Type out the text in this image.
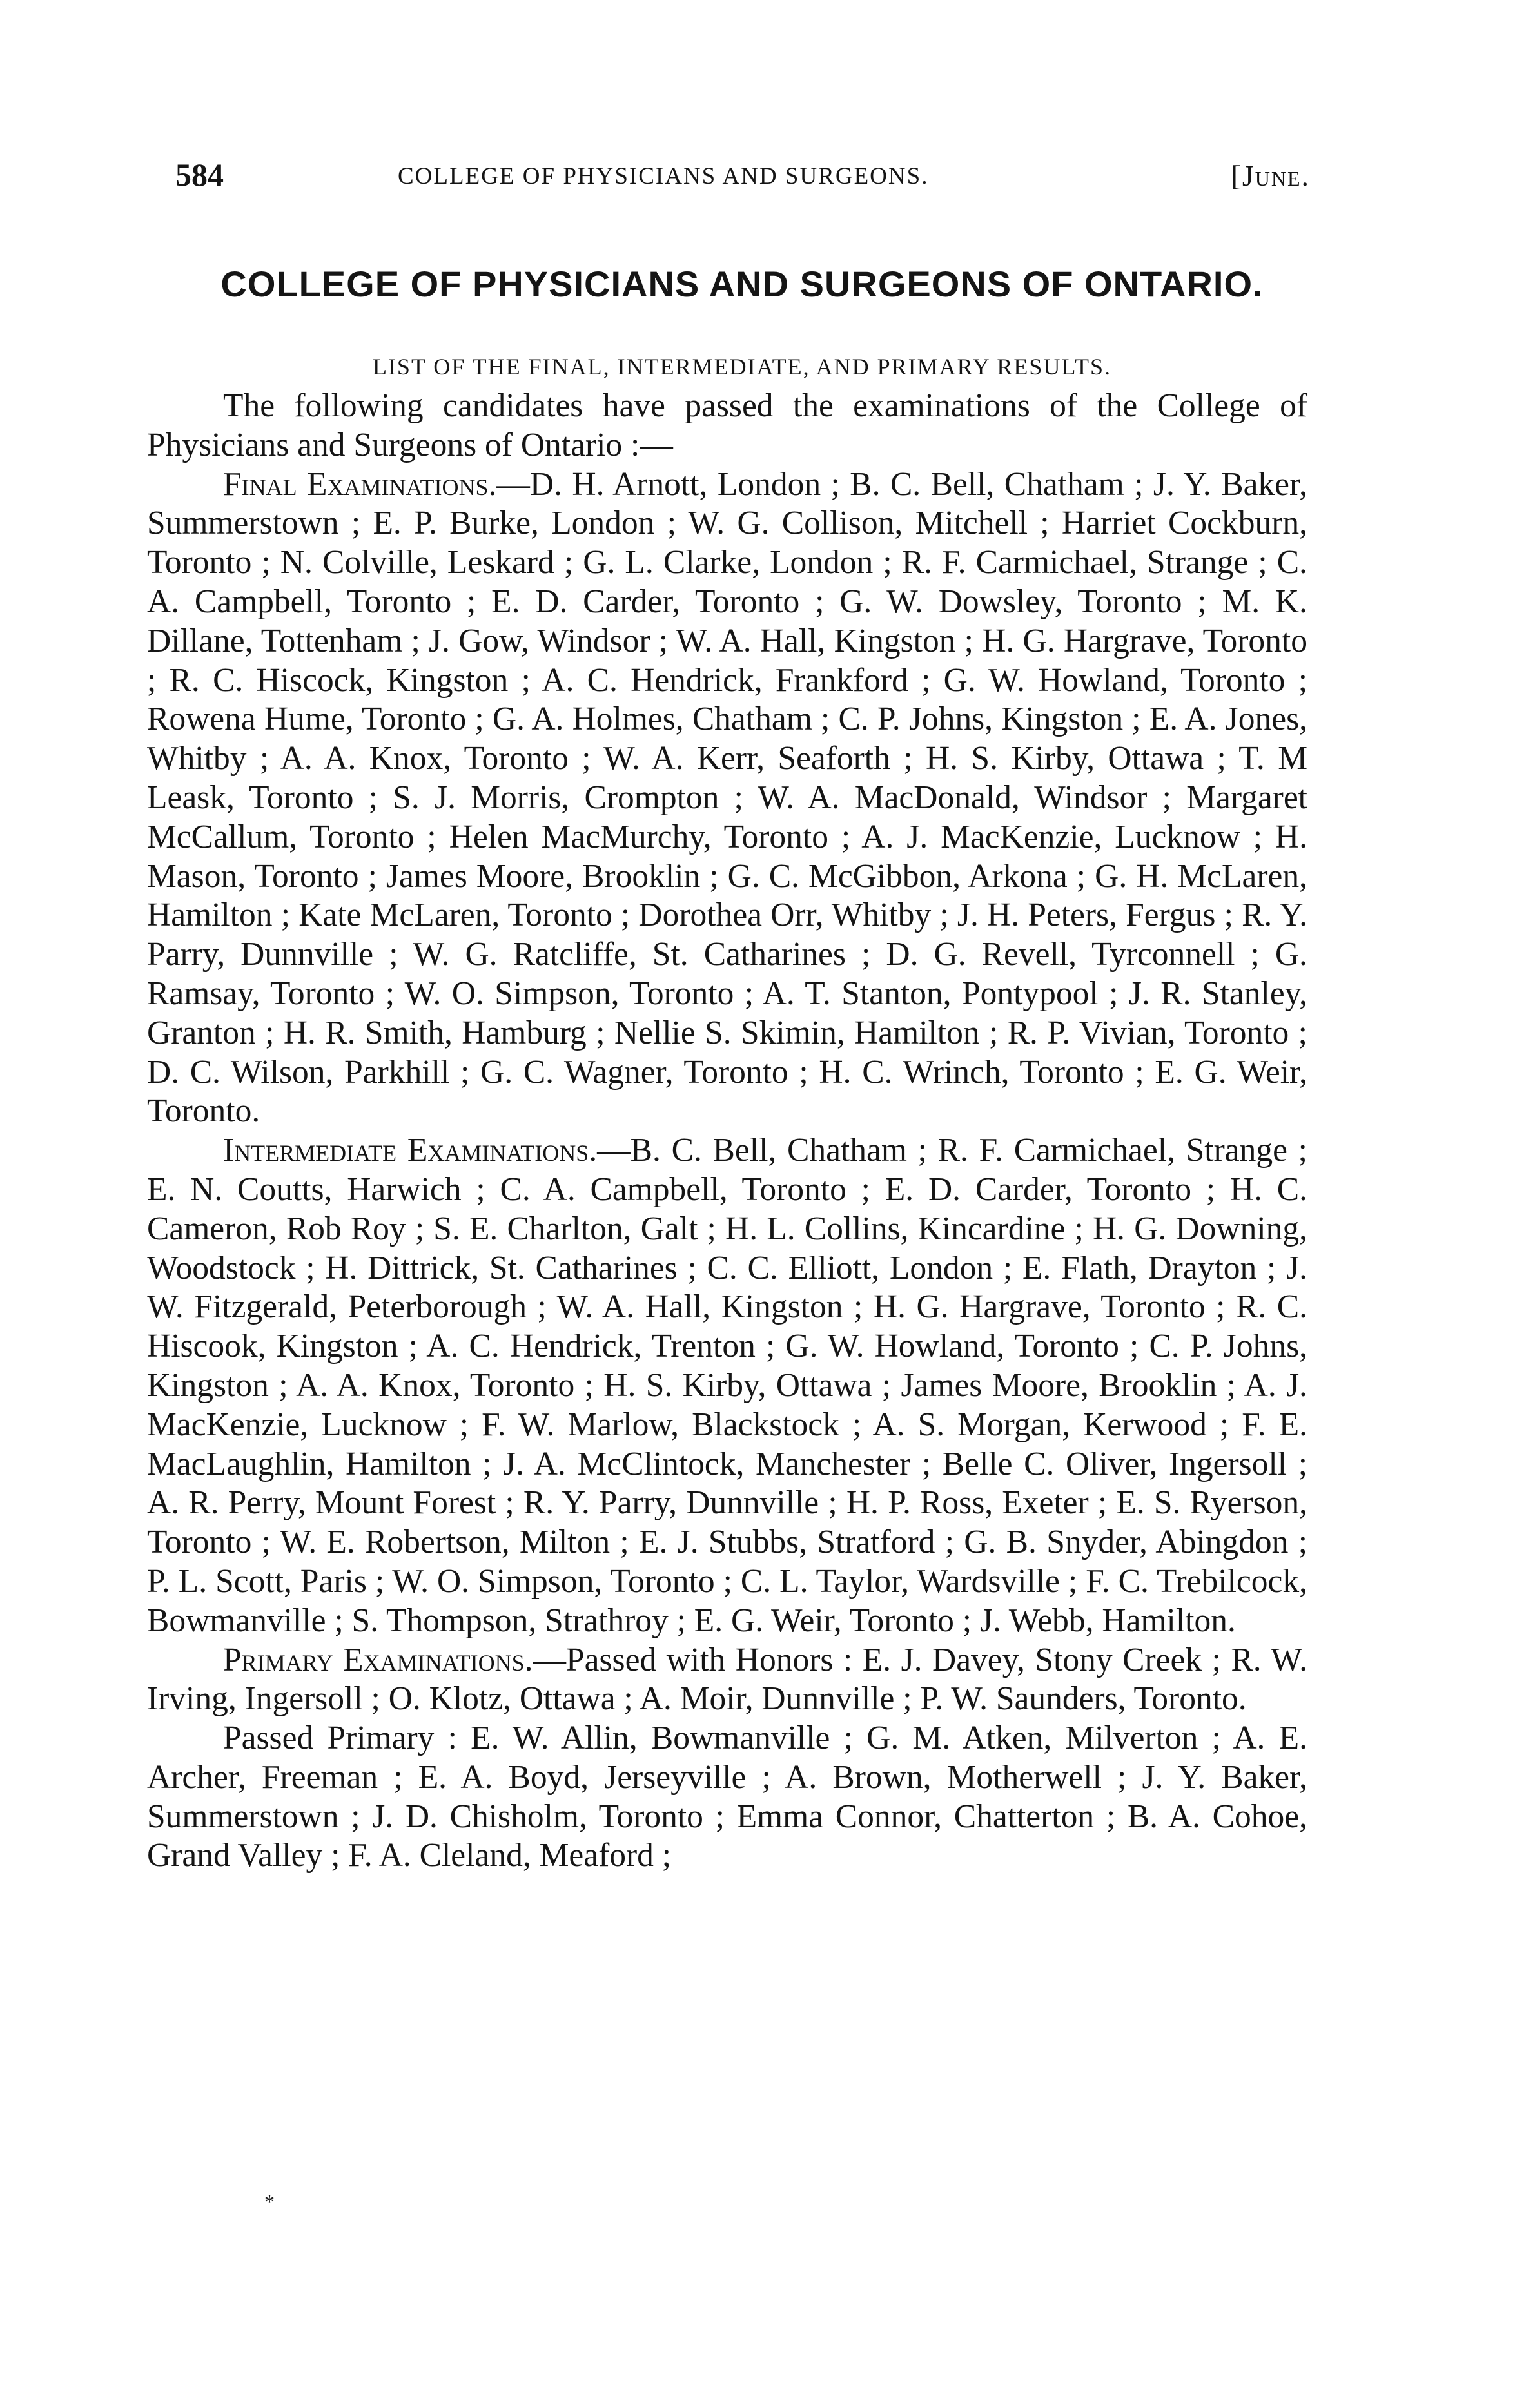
584	COLLEGE OF PHYSICIANS AND SURGEONS.	[June.
COLLEGE OF PHYSICIANS AND SURGEONS OF ONTARIO.
LIST OF THE FINAL, INTERMEDIATE, AND PRIMARY RESULTS.

The following candidates have passed the examinations of the College of Physicians and Surgeons of Ontario :—

Final Examinations.—D. H. Arnott, London ; B. C. Bell, Chatham ; J. Y. Baker, Summerstown ; E. P. Burke, London ; W. G. Collison, Mitchell ; Harriet Cockburn, Toronto ; N. Colville, Leskard ; G. L. Clarke, London ; R. F. Carmichael, Strange ; C. A. Campbell, Toronto ; E. D. Carder, Toronto ; G. W. Dowsley, Toronto ; M. K. Dillane, Tottenham ; J. Gow, Windsor ; W. A. Hall, Kingston ; H. G. Hargrave, Toronto ; R. C. Hiscock, Kingston ; A. C. Hendrick, Frankford ; G. W. Howland, Toronto ; Rowena Hume, Toronto ; G. A. Holmes, Chatham ; C. P. Johns, Kingston ; E. A. Jones, Whitby ; A. A. Knox, Toronto ; W. A. Kerr, Seaforth ; H. S. Kirby, Ottawa ; T. M Leask, Toronto ; S. J. Morris, Crompton ; W. A. MacDonald, Windsor ; Margaret McCallum, Toronto ; Helen MacMurchy, Toronto ; A. J. MacKenzie, Lucknow ; H. Mason, Toronto ; James Moore, Brooklin ; G. C. McGibbon, Arkona ; G. H. McLaren, Hamilton ; Kate McLaren, Toronto ; Dorothea Orr, Whitby ; J. H. Peters, Fergus ; R. Y. Parry, Dunnville ; W. G. Ratcliffe, St. Catharines ; D. G. Revell, Tyrconnell ; G. Ramsay, Toronto ; W. O. Simpson, Toronto ; A. T. Stanton, Pontypool ; J. R. Stanley, Granton ; H. R. Smith, Hamburg ; Nellie S. Skimin, Hamilton ; R. P. Vivian, Toronto ; D. C. Wilson, Parkhill ; G. C. Wagner, Toronto ; H. C. Wrinch, Toronto ; E. G. Weir, Toronto.

Intermediate Examinations.—B. C. Bell, Chatham ; R. F. Carmichael, Strange ; E. N. Coutts, Harwich ; C. A. Campbell, Toronto ; E. D. Carder, Toronto ; H. C. Cameron, Rob Roy ; S. E. Charlton, Galt ; H. L. Collins, Kincardine ; H. G. Downing, Woodstock ; H. Dittrick, St. Catharines ; C. C. Elliott, London ; E. Flath, Drayton ; J. W. Fitzgerald, Peterborough ; W. A. Hall, Kingston ; H. G. Hargrave, Toronto ; R. C. Hiscook, Kingston ; A. C. Hendrick, Trenton ; G. W. Howland, Toronto ; C. P. Johns, Kingston ; A. A. Knox, Toronto ; H. S. Kirby, Ottawa ; James Moore, Brooklin ; A. J. MacKenzie, Lucknow ; F. W. Marlow, Blackstock ; A. S. Morgan, Kerwood ; F. E. MacLaughlin, Hamilton ; J. A. McClintock, Manchester ; Belle C. Oliver, Ingersoll ; A. R. Perry, Mount Forest ; R. Y. Parry, Dunnville ; H. P. Ross, Exeter ; E. S. Ryerson, Toronto ; W. E. Robertson, Milton ; E. J. Stubbs, Stratford ; G. B. Snyder, Abingdon ; P. L. Scott, Paris ; W. O. Simpson, Toronto ; C. L. Taylor, Wardsville ; F. C. Trebilcock, Bowmanville ; S. Thompson, Strathroy ; E. G. Weir, Toronto ; J. Webb, Hamilton.

Primary Examinations.—Passed with Honors : E. J. Davey, Stony Creek ; R. W. Irving, Ingersoll ; O. Klotz, Ottawa ; A. Moir, Dunnville ; P. W. Saunders, Toronto.

Passed Primary : E. W. Allin, Bowmanville ; G. M. Atken, Milverton ; A. E. Archer, Freeman ; E. A. Boyd, Jerseyville ; A. Brown, Motherwell ; J. Y. Baker, Summerstown ; J. D. Chisholm, Toronto ; Emma Connor, Chatterton ; B. A. Cohoe, Grand Valley ; F. A. Cleland, Meaford ;

*
